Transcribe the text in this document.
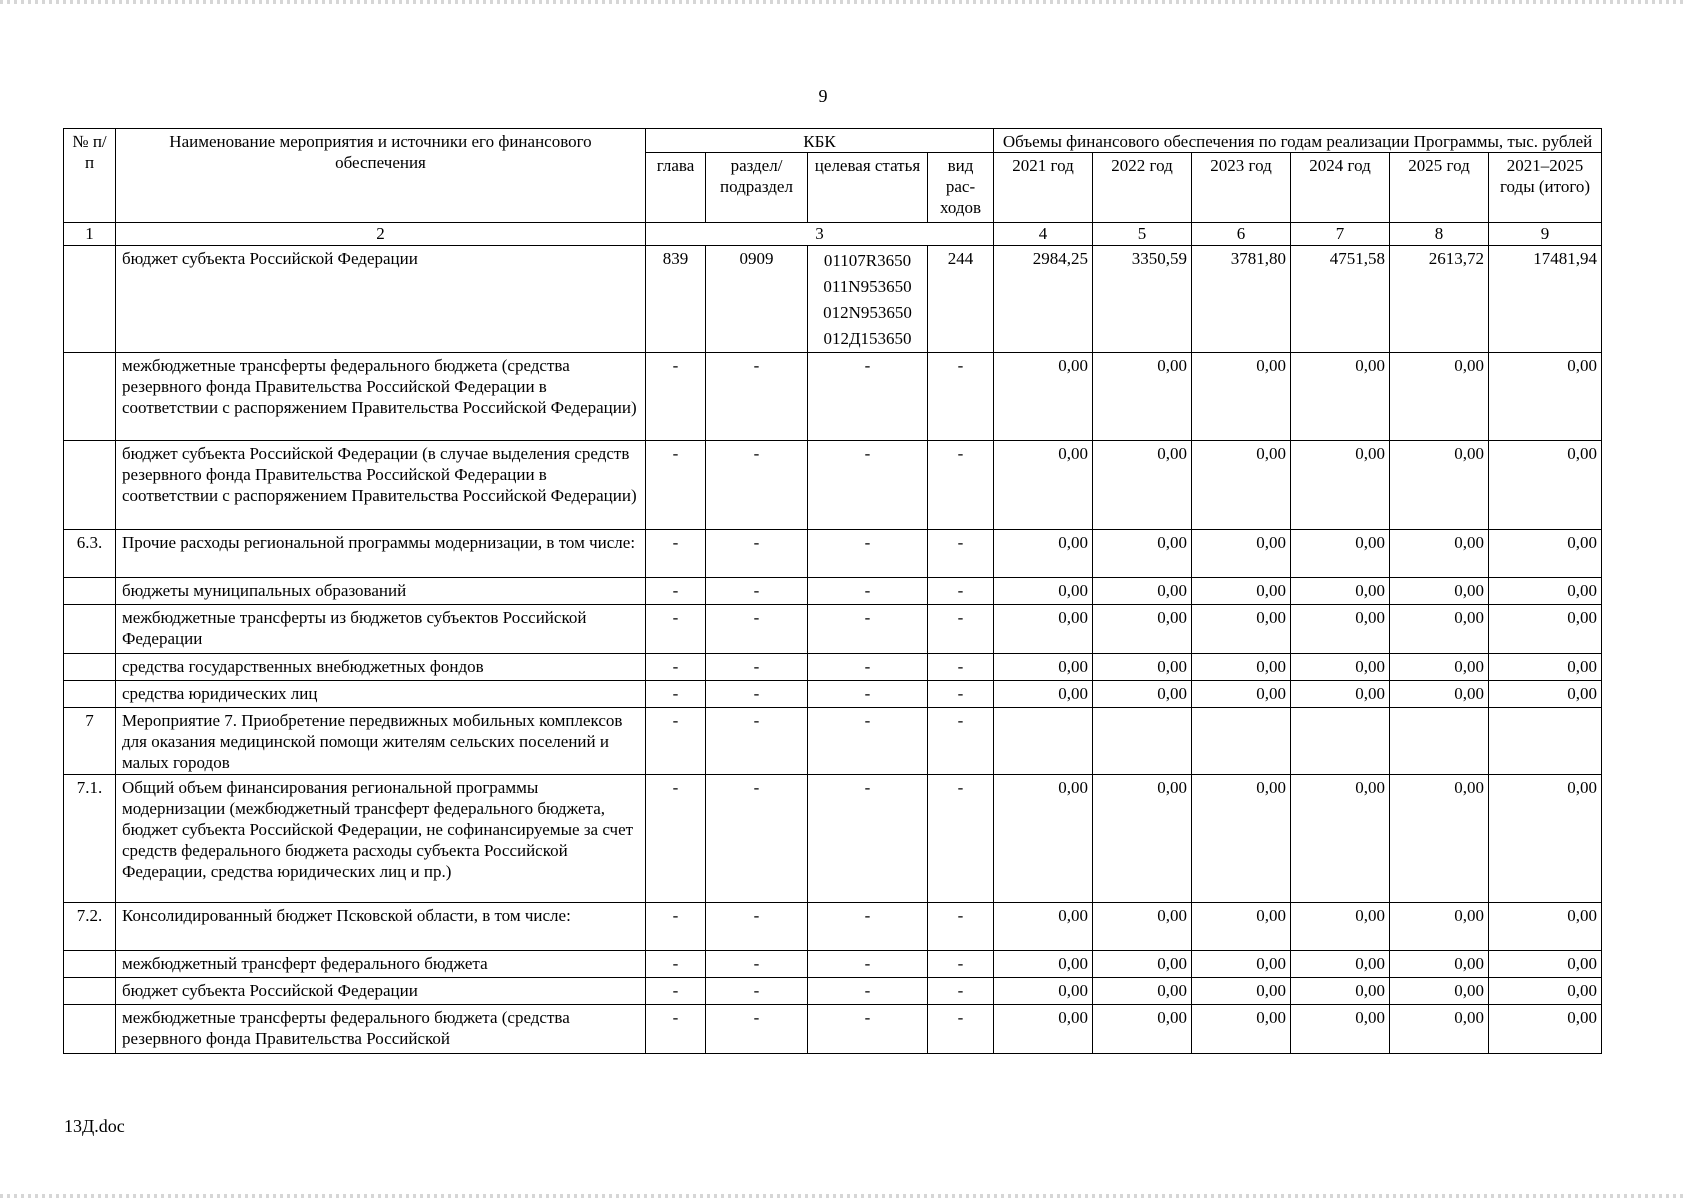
9
№ п/п	Наименование мероприятия и источники его финансового обеспечения	КБК				Объемы финансового обеспечения по годам реализации Программы, тыс. рублей					
		глава	раздел/ подраздел	целевая статья	вид рас- ходов	2021 год	2022 год	2023 год	2024 год	2025 год	2021–2025 годы (итого)
1	2	3				4	5	6	7	8	9
	бюджет субъекта Российской Федерации	839	0909	01107R3650
011N953650
012N953650
012Д153650	244	2984,25	3350,59	3781,80	4751,58	2613,72	17481,94
	межбюджетные трансферты федерального бюджета (средства резервного фонда Правительства Российской Федерации в соответствии с распоряжением Правительства Российской Федерации)	-	-	-	-	0,00	0,00	0,00	0,00	0,00	0,00
	бюджет субъекта Российской Федерации (в случае выделения средств резервного фонда Правительства Российской Федерации в соответствии с распоряжением Правительства Российской Федерации)	-	-	-	-	0,00	0,00	0,00	0,00	0,00	0,00
6.3.	Прочие расходы региональной программы модернизации, в том числе:	-	-	-	-	0,00	0,00	0,00	0,00	0,00	0,00
	бюджеты муниципальных образований	-	-	-	-	0,00	0,00	0,00	0,00	0,00	0,00
	межбюджетные трансферты из бюджетов субъектов Российской Федерации	-	-	-	-	0,00	0,00	0,00	0,00	0,00	0,00
	средства государственных внебюджетных фондов	-	-	-	-	0,00	0,00	0,00	0,00	0,00	0,00
	средства юридических лиц	-	-	-	-	0,00	0,00	0,00	0,00	0,00	0,00
7	Мероприятие 7. Приобретение передвижных мобильных комплексов для оказания медицинской помощи жителям сельских поселений и малых городов	-	-	-	-						
7.1.	Общий объем финансирования региональной программы модернизации (межбюджетный трансферт федерального бюджета, бюджет субъекта Российской Федерации, не софинансируемые за счет средств федерального бюджета расходы субъекта Российской Федерации, средства юридических лиц и пр.)	-	-	-	-	0,00	0,00	0,00	0,00	0,00	0,00
7.2.	Консолидированный бюджет Псковской области, в том числе:	-	-	-	-	0,00	0,00	0,00	0,00	0,00	0,00
	межбюджетный трансферт федерального бюджета	-	-	-	-	0,00	0,00	0,00	0,00	0,00	0,00
	бюджет субъекта Российской Федерации	-	-	-	-	0,00	0,00	0,00	0,00	0,00	0,00
	межбюджетные трансферты федерального бюджета (средства резервного фонда Правительства Российской	-	-	-	-	0,00	0,00	0,00	0,00	0,00	0,00
13Д.doc
